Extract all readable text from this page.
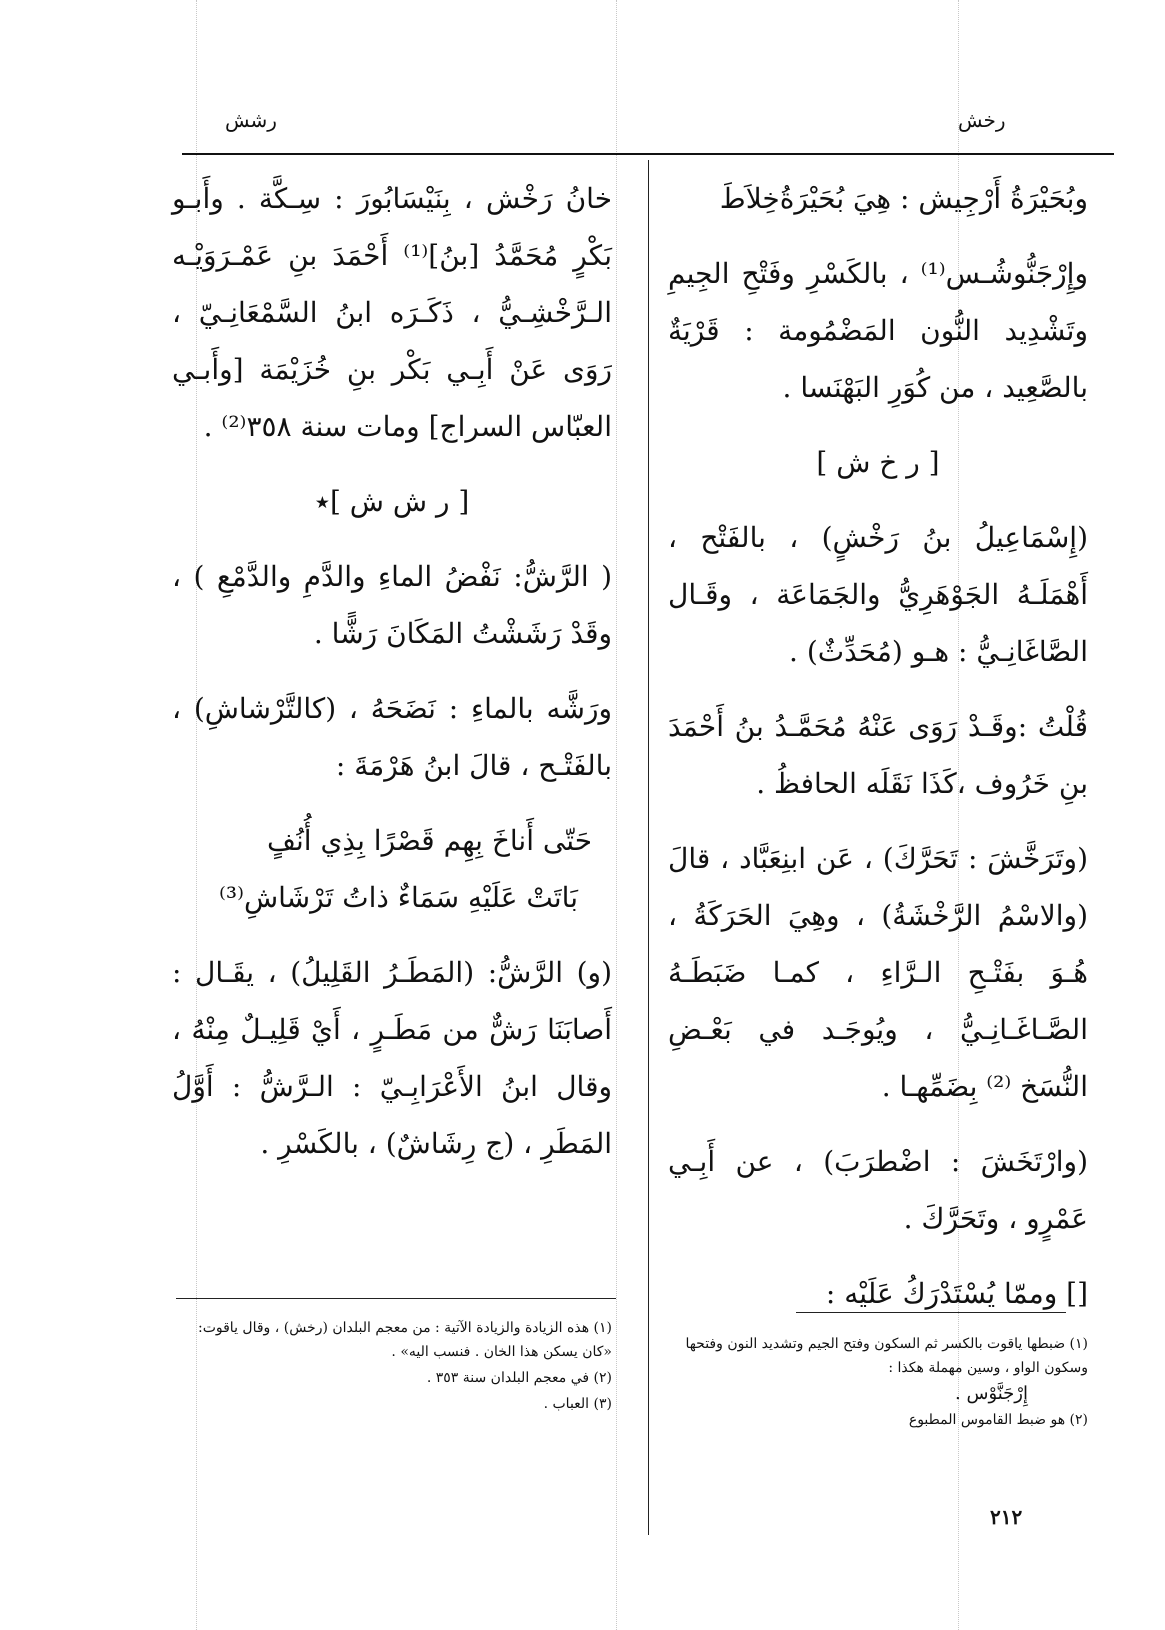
رشش	رخش

وبُحَيْرَةُ أَرْجِيش : هِيَ بُحَيْرَةُخِلاَطَ

وإِرْجَنُّوشُـس⁽¹⁾ ، بالكَسْرِ وفَتْحِ الجِيمِ وتَشْدِيد النُّون المَضْمُومة : قَرْيَةٌ بالصَّعِيد ، من كُوَرِ البَهْنَسا .

[ ر خ ش ]

(إِسْمَاعِيلُ بنُ رَخْشٍ) ، بالفَتْح ، أَهْمَلَـهُ الجَوْهَرِيُّ والجَمَاعَة ، وقَـال الصَّاغَانِـيُّ : هـو (مُحَدِّثٌ) .

قُلْتُ :وقَـدْ رَوَى عَنْهُ مُحَمَّـدُ بنُ أَحْمَدَ بنِ خَرُوف ،كَذَا نَقَلَه الحافظُ .

(وتَرَخَّشَ : تَحَرَّكَ) ، عَن ابنِعَبَّاد ، قالَ (والاسْمُ الرَّخْشَةُ) ، وهِيَ الحَرَكَةُ ، هُـوَ بفَتْـحِ الـرَّاءِ ، كمـا ضَبَطَـهُ الصَّـاغَـانِـيُّ ، ويُوجَـد في بَعْـضِ النُّسَخ ⁽²⁾ بِضَمِّهـا .

(وارْتَخَشَ : اضْطرَبَ) ، عن أَبِـي عَمْرٍو ، وتَحَرَّكَ .

[] وممّا يُسْتَدْرَكُ عَلَيْه :

(١) ضبطها ياقوت بالكسر ثم السكون وفتح الجيم وتشديد النون وفتحها وسكون الواو ، وسين مهملة هكذا :

إِرْجَنَّوْس .

(٢) هو ضبط القاموس المطبوع

خانُ رَخْش ، بِنَيْسَابُورَ : سِـكَّة . وأَبـو بَكْرٍ مُحَمَّدُ [بنُ]⁽¹⁾ أَحْمَدَ بنِ عَمْـرَوَيْـه الـرَّخْشِـيُّ ، ذَكَـرَه ابنُ السَّمْعَانِـيّ ، رَوَى عَنْ أَبِـي بَكْر بنِ خُزَيْمَة [وأَبـي العبّاس السراج] ومات سنة ٣٥٨⁽²⁾ .

[ ر ش ش ]٭

( الرَّشُّ: نَفْضُ الماءِ والدَّمِ والدَّمْعِ ) ، وقَدْ رَشَشْتُ المَكَانَ رَشًّا .

ورَشَّه بالماءِ : نَضَحَهُ ، (كالتَّرْشاشِ) ، بالفَتْـح ، قالَ ابنُ هَرْمَةَ :

حَتّى أَناخَ بِهِم قَصْرًا بِذِي أُنُفٍ

بَاتَتْ عَلَيْهِ سَمَاءٌ ذاتُ تَرْشَاشِ⁽³⁾

(و) الرَّشُّ: (المَطَـرُ القَلِيلُ) ، يقَـال : أَصابَنَا رَشٌّ من مَطَـرٍ ، أَيْ قَلِيـلٌ مِنْهُ ، وقال ابنُ الأَعْرَابِـيّ : الـرَّشُّ : أَوَّلُ المَطَرِ ، (ج رِشَاشٌ) ، بالكَسْرِ .

(١) هذه الزيادة والزيادة الآتية : من معجم البلدان (رخش) ، وقال ياقوت: «كان يسكن هذا الخان . فنسب اليه» .

(٢) في معجم البلدان سنة ٣٥٣ .

(٣) العباب .

٢١٢
